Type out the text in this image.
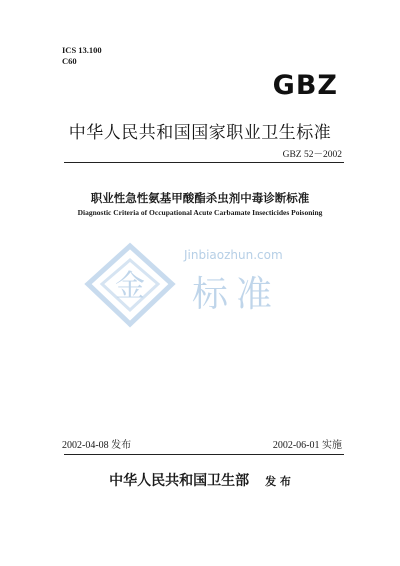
ICS 13.100
C60
GBZ
中华人民共和国国家职业卫生标准
GBZ 52－2002
职业性急性氨基甲酸酯杀虫剂中毒诊断标准
Diagnostic Criteria of Occupational Acute Carbamate Insecticides Poisoning
金
Jinbiaozhun.com
标准
2002-04-08 发布	2002-06-01 实施
中华人民共和国卫生部 发 布
